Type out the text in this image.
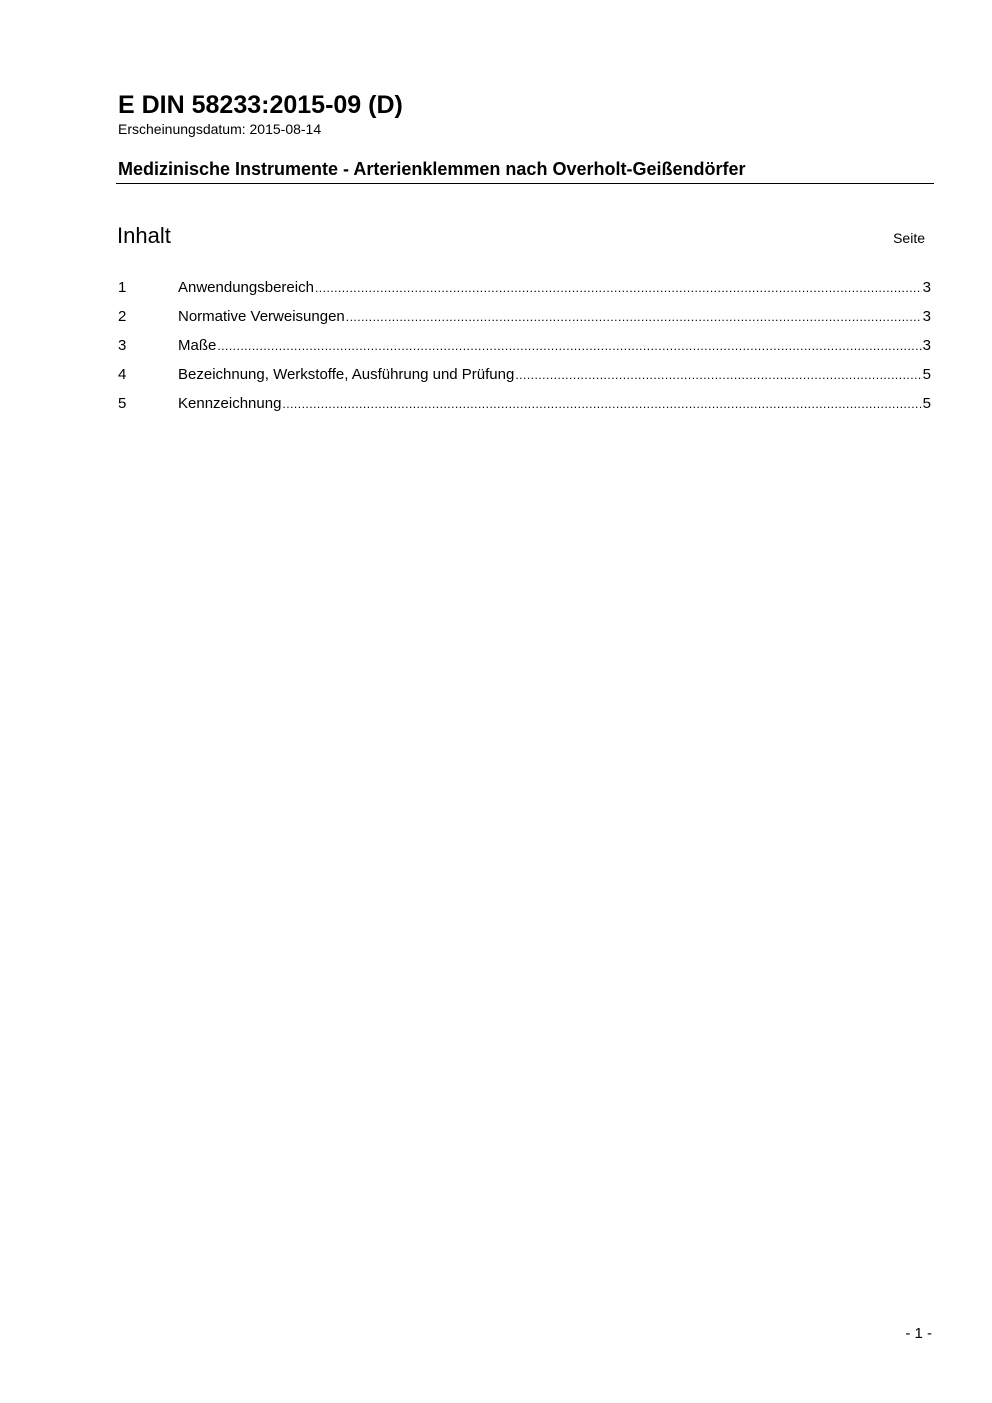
E DIN 58233:2015-09 (D)
Erscheinungsdatum: 2015-08-14
Medizinische Instrumente - Arterienklemmen nach Overholt-Geißendörfer
Inhalt	Seite
1	Anwendungsbereich .....	3
2	Normative Verweisungen .....	3
3	Maße .....	3
4	Bezeichnung, Werkstoffe, Ausführung und Prüfung .....	5
5	Kennzeichnung .....	5
- 1 -
